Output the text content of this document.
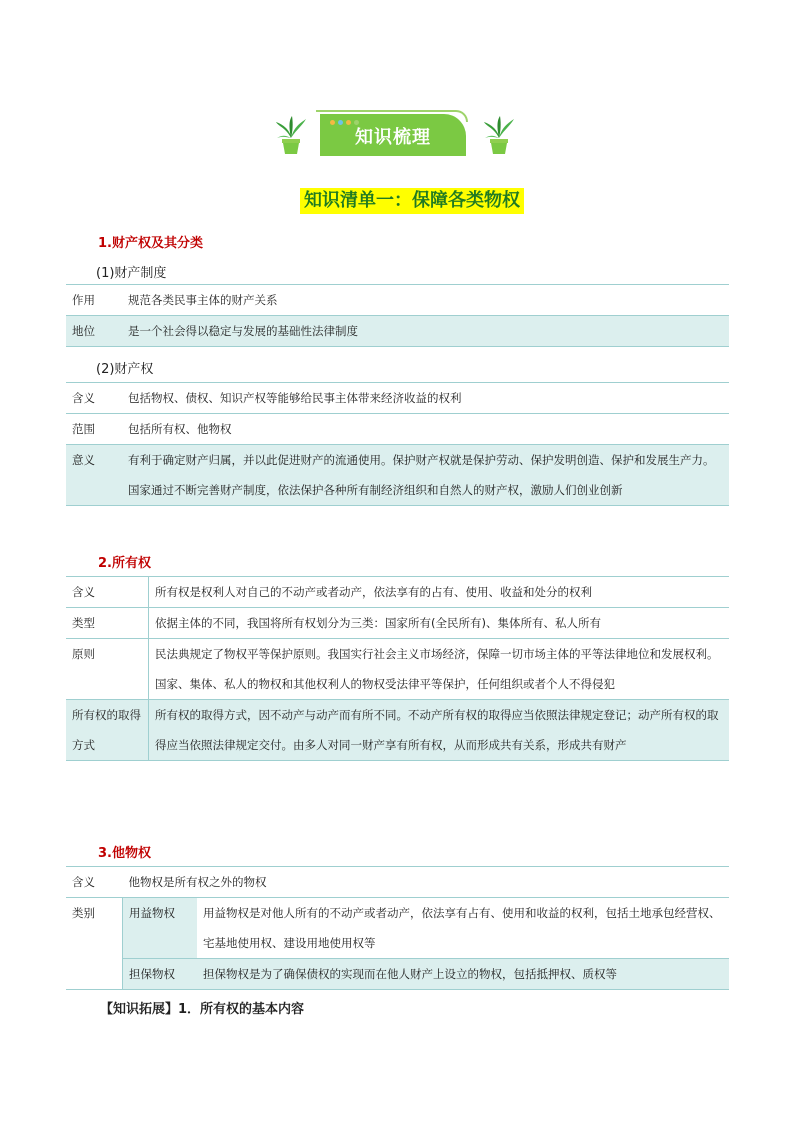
知识梳理
知识清单一：保障各类物权
1.财产权及其分类
(1)财产制度
作用	规范各类民事主体的财产关系
地位	是一个社会得以稳定与发展的基础性法律制度
(2)财产权
含义	包括物权、债权、知识产权等能够给民事主体带来经济收益的权利
范围	包括所有权、他物权
意义	有利于确定财产归属，并以此促进财产的流通使用。保护财产权就是保护劳动、保护发明创造、保护和发展生产力。国家通过不断完善财产制度，依法保护各种所有制经济组织和自然人的财产权，激励人们创业创新
2.所有权
含义	所有权是权利人对自己的不动产或者动产，依法享有的占有、使用、收益和处分的权利
类型	依据主体的不同，我国将所有权划分为三类：国家所有(全民所有)、集体所有、私人所有
原则	民法典规定了物权平等保护原则。我国实行社会主义市场经济，保障一切市场主体的平等法律地位和发展权利。国家、集体、私人的物权和其他权利人的物权受法律平等保护，任何组织或者个人不得侵犯
所有权的取得方式	所有权的取得方式，因不动产与动产而有所不同。不动产所有权的取得应当依照法律规定登记；动产所有权的取得应当依照法律规定交付。由多人对同一财产享有所有权，从而形成共有关系，形成共有财产
3.他物权
含义	他物权是所有权之外的物权	
类别	用益物权	用益物权是对他人所有的不动产或者动产，依法享有占有、使用和收益的权利，包括土地承包经营权、宅基地使用权、建设用地使用权等
	担保物权	担保物权是为了确保债权的实现而在他人财产上设立的物权，包括抵押权、质权等
【知识拓展】1．所有权的基本内容
